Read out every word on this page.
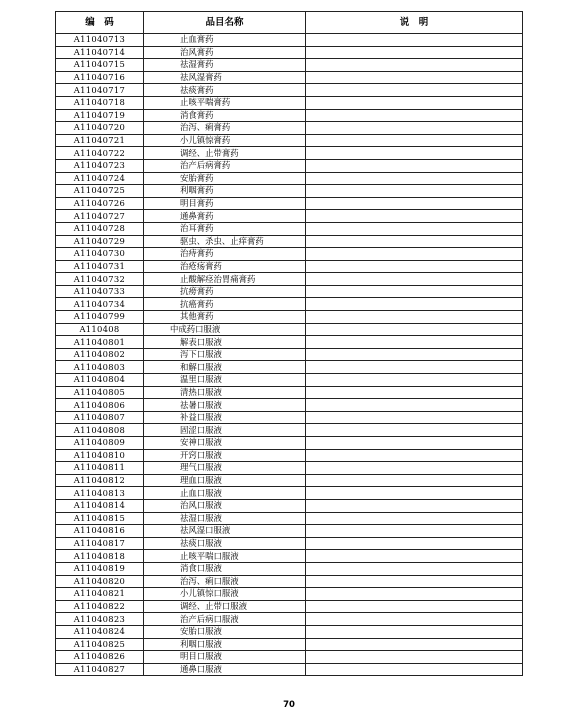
编　码	品目名称	说　明
A11040713	止血膏药	
A11040714	治风膏药	
A11040715	祛湿膏药	
A11040716	祛风湿膏药	
A11040717	祛痰膏药	
A11040718	止咳平喘膏药	
A11040719	消食膏药	
A11040720	治泻、痢膏药	
A11040721	小儿镇惊膏药	
A11040722	调经、止带膏药	
A11040723	治产后病膏药	
A11040724	安胎膏药	
A11040725	利咽膏药	
A11040726	明目膏药	
A11040727	通鼻膏药	
A11040728	治耳膏药	
A11040729	驱虫、杀虫、止痒膏药	
A11040730	治痔膏药	
A11040731	治疮疡膏药	
A11040732	止酸解痉治胃痛膏药	
A11040733	抗痨膏药	
A11040734	抗癌膏药	
A11040799	其他膏药	
A110408	中成药口服液	
A11040801	解表口服液	
A11040802	泻下口服液	
A11040803	和解口服液	
A11040804	温里口服液	
A11040805	清热口服液	
A11040806	祛暑口服液	
A11040807	补益口服液	
A11040808	固涩口服液	
A11040809	安神口服液	
A11040810	开窍口服液	
A11040811	理气口服液	
A11040812	理血口服液	
A11040813	止血口服液	
A11040814	治风口服液	
A11040815	祛湿口服液	
A11040816	祛风湿口服液	
A11040817	祛痰口服液	
A11040818	止咳平喘口服液	
A11040819	消食口服液	
A11040820	治泻、痢口服液	
A11040821	小儿镇惊口服液	
A11040822	调经、止带口服液	
A11040823	治产后病口服液	
A11040824	安胎口服液	
A11040825	利咽口服液	
A11040826	明目口服液	
A11040827	通鼻口服液	
70
